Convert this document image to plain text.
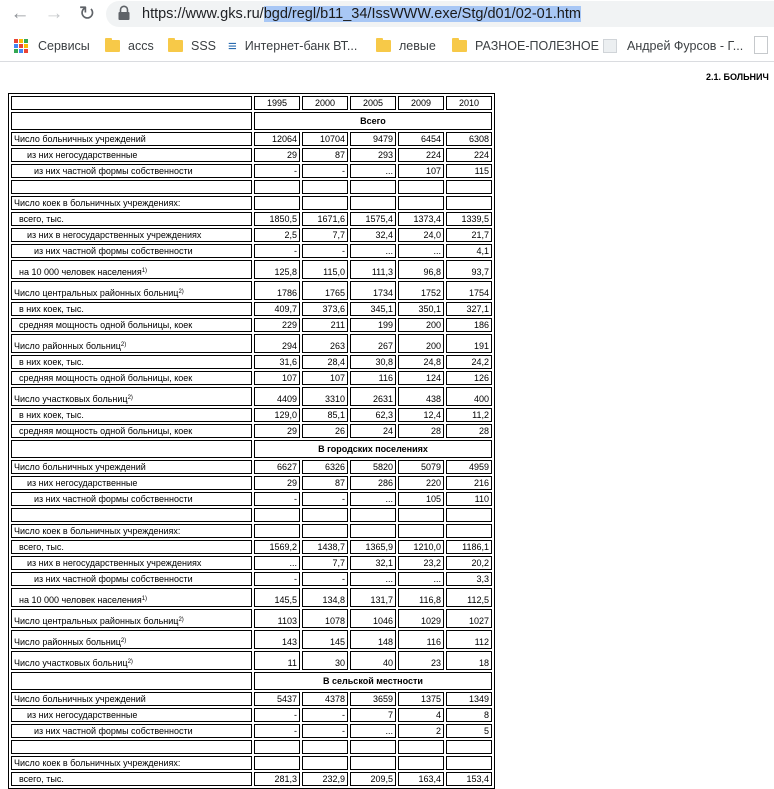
← → ↻	https://www.gks.ru/bgd/regl/b11_34/IssWWW.exe/Stg/d01/02-01.htm
Сервисы	accs	SSS ≡ Интернет-банк ВТ...	левые	РАЗНОЕ-ПОЛЕЗНОЕ Андрей Фурсов - Г...
2.1. БОЛЬНИЧ
	1995	2000	2005	2009	2010
	Всего				
Число больничных учреждений	12064	10704	9479	6454	6308
из них негосударственные	29	87	293	224	224
из них частной формы собственности	-	-	...	107	115

Число коек в больничных учреждениях:					
всего, тыс.	1850,5	1671,6	1575,4	1373,4	1339,5
из них в негосударственных учреждениях	2,5	7,7	32,4	24,0	21,7
из них частной формы собственности	-	-	...	...	4,1
на 10 000 человек населения$^{1)}$	125,8	115,0	111,3	96,8	93,7
Число центральных районных больниц$^{2)}$	1786	1765	1734	1752	1754
в них коек, тыс.	409,7	373,6	345,1	350,1	327,1
средняя мощность одной больницы, коек	229	211	199	200	186
Число районных больниц$^{2)}$	294	263	267	200	191
в них коек, тыс.	31,6	28,4	30,8	24,8	24,2
средняя мощность одной больницы, коек	107	107	116	124	126
Число участковых больниц$^{2)}$	4409	3310	2631	438	400
в них коек, тыс.	129,0	85,1	62,3	12,4	11,2
средняя мощность одной больницы, коек	29	26	24	28	28
	В городских поселениях				
Число больничных учреждений	6627	6326	5820	5079	4959
из них негосударственные	29	87	286	220	216
из них частной формы собственности	-	-	...	105	110

Число коек в больничных учреждениях:					
всего, тыс.	1569,2	1438,7	1365,9	1210,0	1186,1
из них в негосударственных учреждениях	...	7,7	32,1	23,2	20,2
из них частной формы собственности	-	-	...	...	3,3
на 10 000 человек населения$^{1)}$	145,5	134,8	131,7	116,8	112,5
Число центральных районных больниц$^{2)}$	1103	1078	1046	1029	1027
Число районных больниц$^{2)}$	143	145	148	116	112
Число участковых больниц$^{2)}$	11	30	40	23	18
	В сельской местности				
Число больничных учреждений	5437	4378	3659	1375	1349
из них негосударственные	-	-	7	4	8
из них частной формы собственности	-	-	...	2	5

Число коек в больничных учреждениях:					
всего, тыс.	281,3	232,9	209,5	163,4	153,4
